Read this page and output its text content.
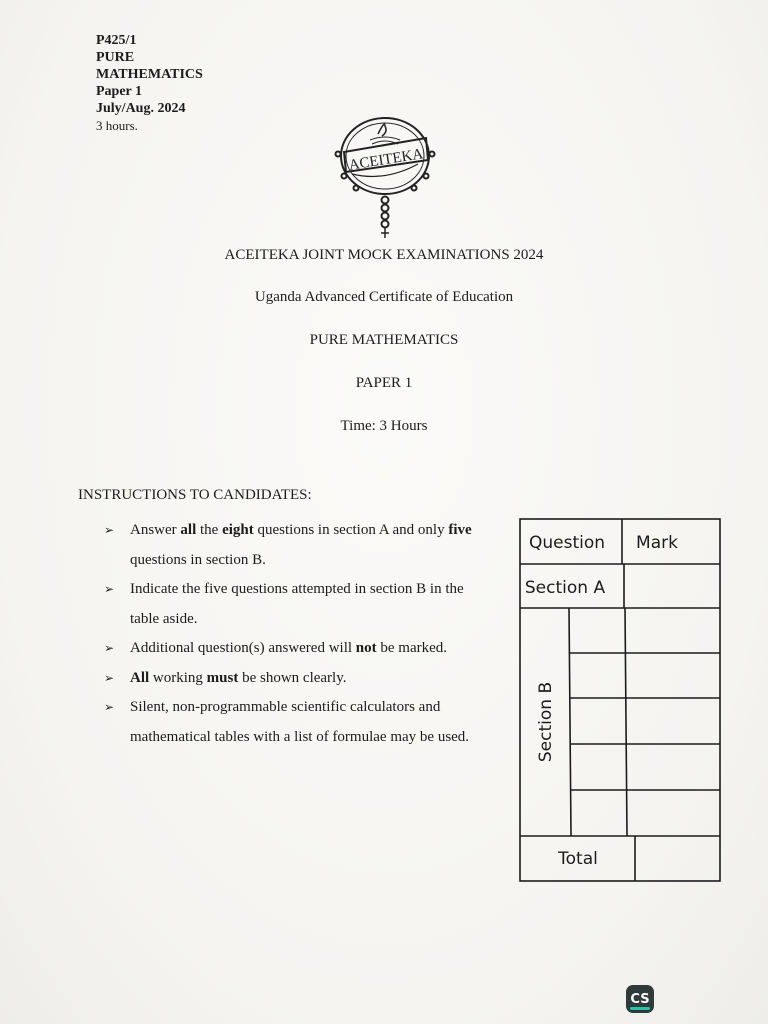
P425/1
PURE
MATHEMATICS
Paper 1
July/Aug. 2024
3 hours.
ACEITEKA
ACEITEKA JOINT MOCK EXAMINATIONS 2024
Uganda Advanced Certificate of Education
PURE MATHEMATICS
PAPER 1
Time: 3 Hours
INSTRUCTIONS TO CANDIDATES:
➢ Answer all the eight questions in section A and only five questions in section B.
➢ Indicate the five questions attempted in section B in the table aside.
➢ Additional question(s) answered will not be marked.
➢ All working must be shown clearly.
➢ Silent, non-programmable scientific calculators and mathematical tables with a list of formulae may be used.
Question Mark
Section A
Section B
Total
CS
